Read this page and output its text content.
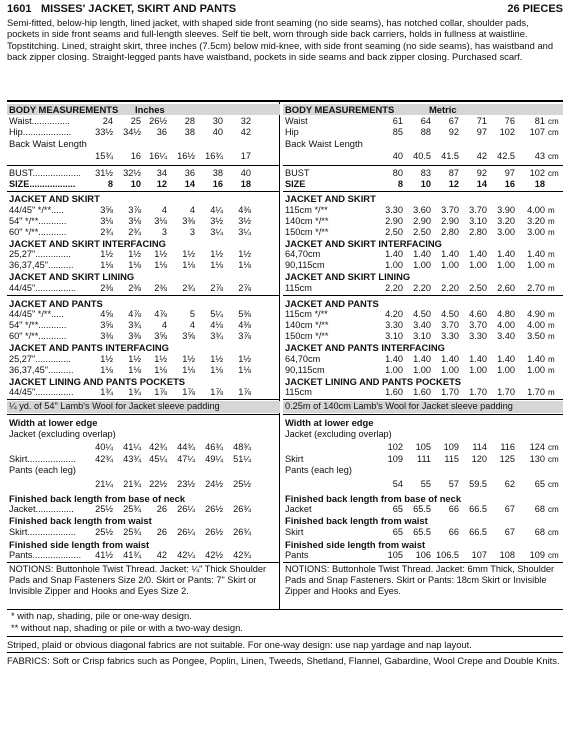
1601 MISSES' JACKET, SKIRT AND PANTS	26 PIECES
Semi-fitted, below-hip length, lined jacket, with shaped side front seaming (no side seams), has notched collar, shoulder pads, pockets in side front seams and full-length sleeves. Self tie belt, worn through side back carriers, holds in fullness at waistline. Topstitching. Lined, straight skirt, three inches (7.5cm) below mid-knee, with side front seaming (no side seams), has waistband and back zipper closing. Straight-legged pants have waistband, pockets in side seams and back zipper closing. Purchased scarf.
BODY MEASUREMENTS Inches
Waist...............	24	25 26½	28	30	32
Hip...................	33½	34½	36	38	40	42
Back Waist Length
15¾	16 16¼	16½	16¾	17
BUST...................	31½	32½	34	36	38	40
SIZE..................	8	10	12	14	16	18
JACKET AND SKIRT
44/45" */**.....	3⅝	3⅞	4	4	4¼	4⅜
54" */**...........	3⅛	3⅛	3⅛	3⅜	3½	3½
60" */**...........	2¾	2¾	3	3	3¼	3¼
JACKET AND SKIRT INTERFACING
25,27"..............	1½	1½	1½	1½	1½	1½
36,37,45"..........	1⅛	1⅛	1⅛	1⅛	1⅛	1⅛
JACKET AND SKIRT LINING
44/45"................	2⅜	2⅜	2⅜	2¾	2⅞	2⅞
JACKET AND PANTS
44/45" */**.....	4⅝	4⅞	4⅞	5	5¼	5⅜
54" */**...........	3⅝	3¾	4	4	4⅛	4⅜
60" */**...........	3⅜	3⅜	3⅝	3⅝	3¾	3⅞
JACKET AND PANTS INTERFACING
25,27"..............	1½	1½	1½	1½	1½	1½
36,37,45"..........	1⅛	1⅛	1⅛	1⅛	1⅛	1⅛
JACKET LINING AND PANTS POCKETS
44/45"...............	1¾	1¾	1⅞	1⅞	1⅞	1⅞
¼ yd. of 54" Lamb's Wool for Jacket sleeve padding
Width at lower edge
Jacket (excluding overlap)
40¼	41¼ 42¾	44¾	46¾	48¾
Skirt...................	42¾	43¾ 45¼	47¼	49¼	51¼
Pants (each leg)
21¼	21¾ 22½	23½	24½	25½
Finished back length from base of neck
Jacket...............	25½	25¾	26	26¼	26½	26¾
Finished back length from waist
Skirt...................	25½	25¾	26	26¼	26½	26¾
Finished side length from waist
Pants...................	41½	41¾	42	42¼	42½	42¾
NOTIONS: Buttonhole Twist Thread. Jacket: ¼" Thick Shoulder Pads and Snap Fasteners Size 2/0. Skirt or Pants: 7" Skirt or Invisible Zipper and Hooks and Eyes Size 2.
BODY MEASUREMENTS	Metric
Waist	61	64	67	71	76	81 cm
Hip	85	88	92	97	102	107 cm
Back Waist Length
40	40.5	41.5	42	42.5	43 cm
BUST	80	83	87	92	97	102 cm
SIZE	8	10	12	14	16	18
JACKET AND SKIRT
115cm */**	3.30	3.60	3.70	3.70	3.90	4.00 m
140cm */**	2.90	2.90	2.90	3.10	3.20	3.20 m
150cm */**	2.50	2.50	2.80	2.80	3.00	3.00 m
JACKET AND SKIRT INTERFACING
64,70cm	1.40	1.40	1.40	1.40	1.40	1.40 m
90,115cm	1.00	1.00	1.00	1.00	1.00	1.00 m
JACKET AND SKIRT LINING
115cm	2.20	2.20	2.20	2.50	2.60	2.70 m
JACKET AND PANTS
115cm */**	4.20	4.50	4.50	4.60	4.80	4.90 m
140cm */**	3.30	3.40	3.70	3.70	4.00	4.00 m
150cm */**	3.10	3.10	3.30	3.30	3.40	3.50 m
JACKET AND PANTS INTERFACING
64,70cm	1.40	1.40	1.40	1.40	1.40	1.40 m
90,115cm	1.00	1.00	1.00	1.00	1.00	1.00 m
JACKET LINING AND PANTS POCKETS
115cm	1.60	1.60	1.70	1.70	1.70	1.70 m
0.25m of 140cm Lamb's Wool for Jacket sleeve padding
Width at lower edge
Jacket (excluding overlap)
102	105	109	114	116	124 cm
Skirt	109	111	115	120	125	130 cm
Pants (each leg)
54	55	57	59.5	62	65 cm
Finished back length from base of neck
Jacket	65	65.5	66	66.5	67	68 cm
Finished back length from waist
Skirt	65	65.5	66	66.5	67	68 cm
Finished side length from waist
Pants	105	106 106.5	107	108	109 cm
NOTIONS: Buttonhole Twist Thread. Jacket: 6mm Thick, Shoulder Pads and Snap Fasteners. Skirt or Pants: 18cm Skirt or Invisible Zipper and Hooks and Eyes.
* with nap, shading, pile or one-way design.
** without nap, shading or pile or with a two-way design.
Striped, plaid or obvious diagonal fabrics are not suitable. For one-way design: use nap yardage and nap layout.
FABRICS: Soft or Crisp fabrics such as Pongee, Poplin, Linen, Tweeds, Shetland, Flannel, Gabardine, Wool Crepe and Double Knits.
